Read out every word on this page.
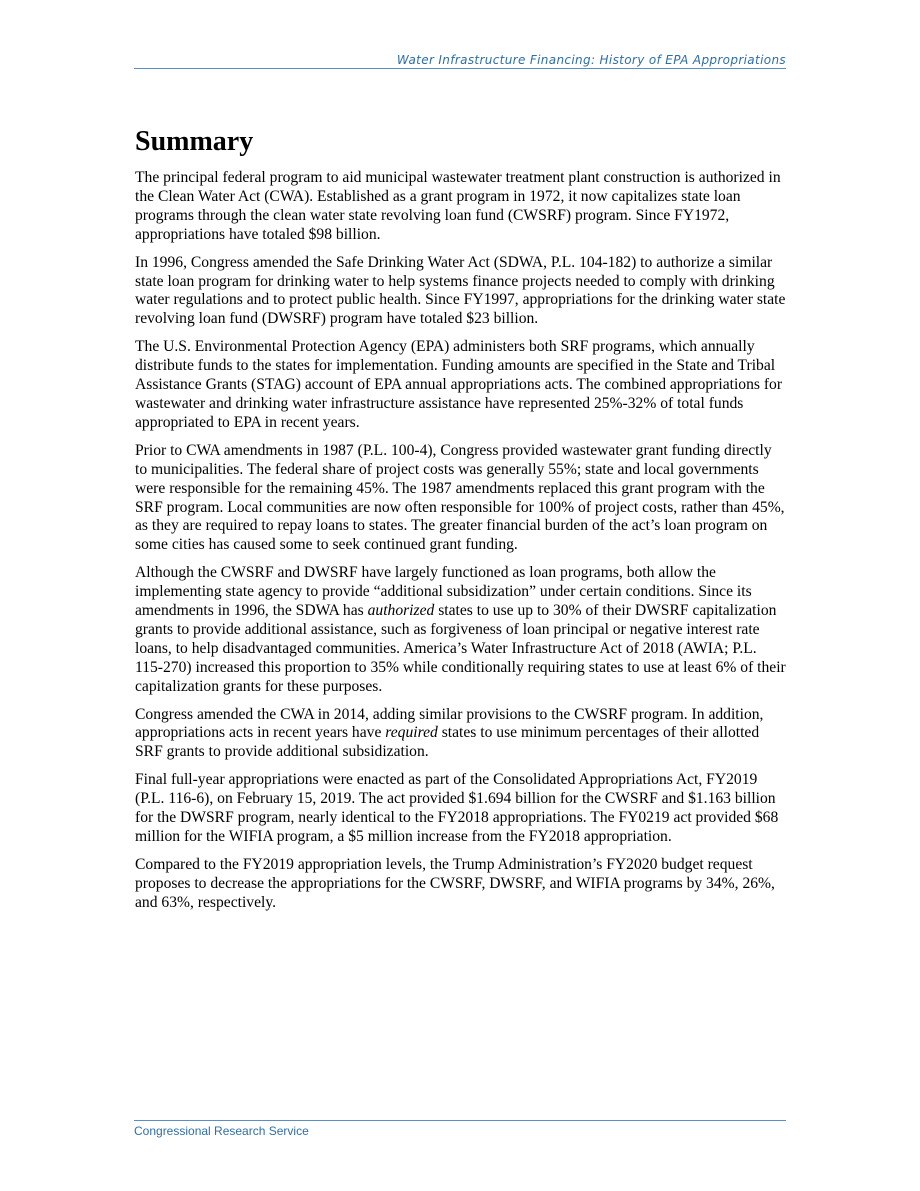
Water Infrastructure Financing: History of EPA Appropriations
Summary

The principal federal program to aid municipal wastewater treatment plant construction is authorized in the Clean Water Act (CWA). Established as a grant program in 1972, it now capitalizes state loan programs through the clean water state revolving loan fund (CWSRF) program. Since FY1972, appropriations have totaled $98 billion.

In 1996, Congress amended the Safe Drinking Water Act (SDWA, P.L. 104-182) to authorize a similar state loan program for drinking water to help systems finance projects needed to comply with drinking water regulations and to protect public health. Since FY1997, appropriations for the drinking water state revolving loan fund (DWSRF) program have totaled $23 billion.

The U.S. Environmental Protection Agency (EPA) administers both SRF programs, which annually distribute funds to the states for implementation. Funding amounts are specified in the State and Tribal Assistance Grants (STAG) account of EPA annual appropriations acts. The combined appropriations for wastewater and drinking water infrastructure assistance have represented 25%-32% of total funds appropriated to EPA in recent years.

Prior to CWA amendments in 1987 (P.L. 100-4), Congress provided wastewater grant funding directly to municipalities. The federal share of project costs was generally 55%; state and local governments were responsible for the remaining 45%. The 1987 amendments replaced this grant program with the SRF program. Local communities are now often responsible for 100% of project costs, rather than 45%, as they are required to repay loans to states. The greater financial burden of the act’s loan program on some cities has caused some to seek continued grant funding.

Although the CWSRF and DWSRF have largely functioned as loan programs, both allow the implementing state agency to provide “additional subsidization” under certain conditions. Since its amendments in 1996, the SDWA has authorized states to use up to 30% of their DWSRF capitalization grants to provide additional assistance, such as forgiveness of loan principal or negative interest rate loans, to help disadvantaged communities. America’s Water Infrastructure Act of 2018 (AWIA; P.L. 115-270) increased this proportion to 35% while conditionally requiring states to use at least 6% of their capitalization grants for these purposes.

Congress amended the CWA in 2014, adding similar provisions to the CWSRF program. In addition, appropriations acts in recent years have required states to use minimum percentages of their allotted SRF grants to provide additional subsidization.

Final full-year appropriations were enacted as part of the Consolidated Appropriations Act, FY2019 (P.L. 116-6), on February 15, 2019. The act provided $1.694 billion for the CWSRF and $1.163 billion for the DWSRF program, nearly identical to the FY2018 appropriations. The FY0219 act provided $68 million for the WIFIA program, a $5 million increase from the FY2018 appropriation.

Compared to the FY2019 appropriation levels, the Trump Administration’s FY2020 budget request proposes to decrease the appropriations for the CWSRF, DWSRF, and WIFIA programs by 34%, 26%, and 63%, respectively.

Congressional Research Service
